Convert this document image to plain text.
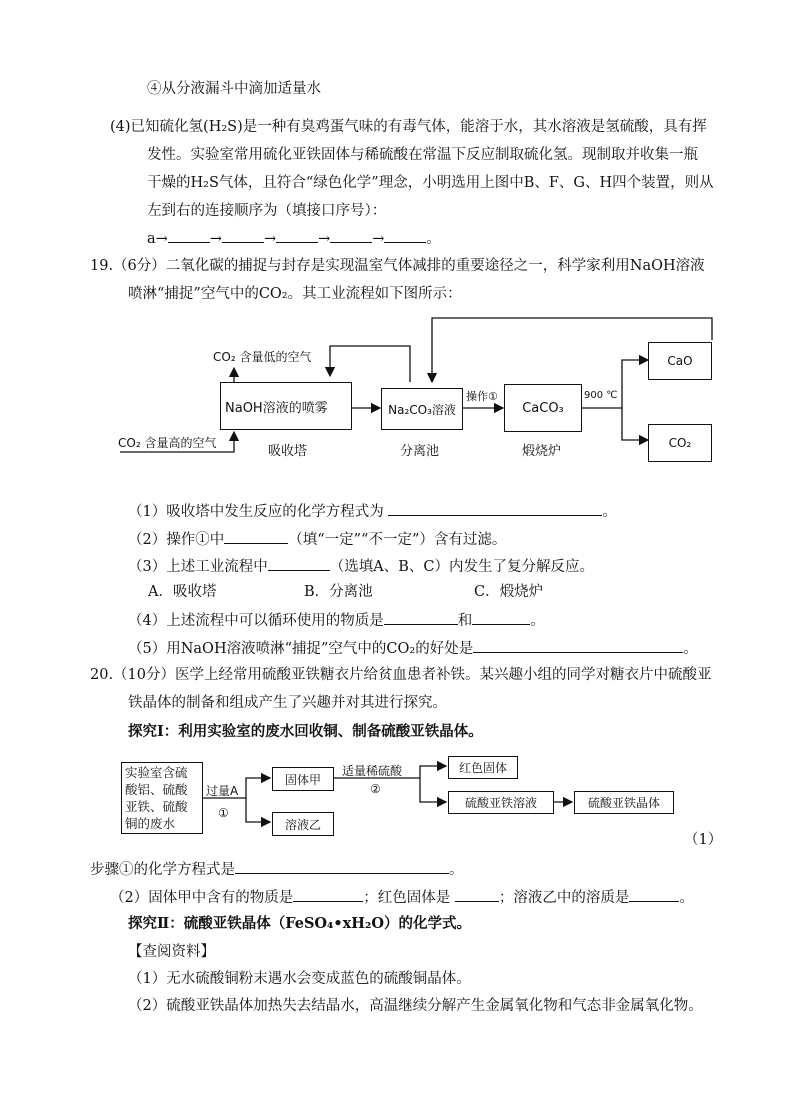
④从分液漏斗中滴加适量水
(4)已知硫化氢(H₂S)是一种有臭鸡蛋气味的有毒气体，能溶于水，其水溶液是氢硫酸，具有挥
发性。实验室常用硫化亚铁固体与稀硫酸在常温下反应制取硫化氢。现制取并收集一瓶
干燥的H₂S气体，且符合“绿色化学”理念，小明选用上图中B、F、G、H四个装置，则从
左到右的连接顺序为（填接口序号）：
a→	→	→	→	→	。
19.（6分）二氧化碳的捕捉与封存是实现温室气体减排的重要途径之一，科学家利用NaOH溶液
喷淋“捕捉”空气中的CO₂。其工业流程如下图所示：
NaOH溶液的喷雾	Na₂CO₃溶液	CaCO₃
CaO
CO₂
CO₂ 含量低的空气
CO₂ 含量高的空气
吸收塔	分离池
操作①
煅烧炉
900 ℃
（1）吸收塔中发生反应的化学方程式为	。
（2）操作①中	（填“一定”“不一定”）含有过滤。
（3）上述工业流程中	（选填A、B、C）内发生了复分解反应。
A．吸收塔	B．分离池	C．煅烧炉
（4）上述流程中可以循环使用的物质是	和	。
（5）用NaOH溶液喷淋“捕捉”空气中的CO₂的好处是	。
20.（10分）医学上经常用硫酸亚铁糖衣片给贫血患者补铁。某兴趣小组的同学对糖衣片中硫酸亚
铁晶体的制备和组成产生了兴趣并对其进行探究。
探究Ⅰ：利用实验室的废水回收铜、制备硫酸亚铁晶体。
实验室含硫
酸铝、硫酸
亚铁、硫酸
铜的废水
过量A
①
固体甲
溶液乙
适量稀硫酸
②
红色固体
硫酸亚铁溶液	硫酸亚铁晶体
（1）
步骤①的化学方程式是	。
（2）固体甲中含有的物质是	；红色固体是	；溶液乙中的溶质是	。
探究Ⅱ：硫酸亚铁晶体（FeSO₄•xH₂O）的化学式。
【查阅资料】
（1）无水硫酸铜粉末遇水会变成蓝色的硫酸铜晶体。
（2）硫酸亚铁晶体加热失去结晶水，高温继续分解产生金属氧化物和气态非金属氧化物。
